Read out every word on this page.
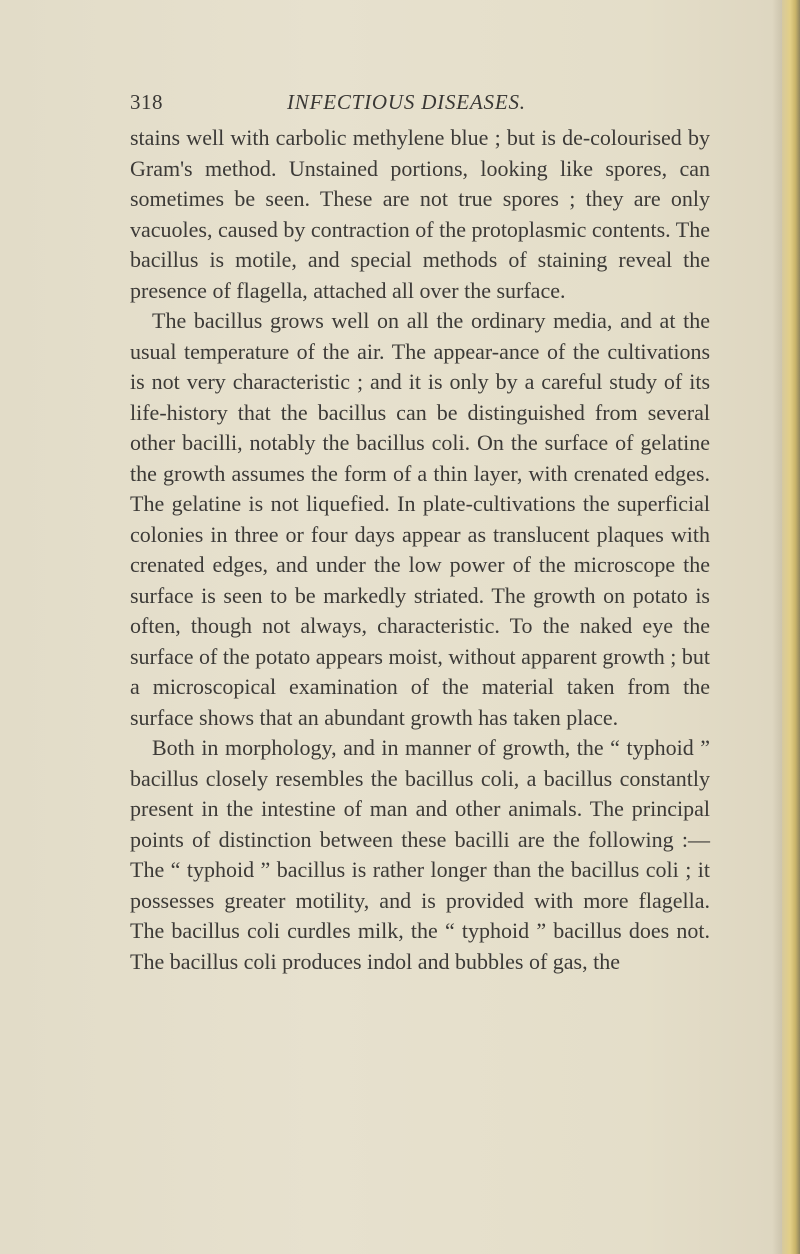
318	INFECTIOUS DISEASES.

stains well with carbolic methylene blue ; but is de-colourised by Gram's method. Unstained portions, looking like spores, can sometimes be seen. These are not true spores ; they are only vacuoles, caused by contraction of the protoplasmic contents. The bacillus is motile, and special methods of staining reveal the presence of flagella, attached all over the surface.

The bacillus grows well on all the ordinary media, and at the usual temperature of the air. The appear-ance of the cultivations is not very characteristic ; and it is only by a careful study of its life-history that the bacillus can be distinguished from several other bacilli, notably the bacillus coli. On the surface of gelatine the growth assumes the form of a thin layer, with crenated edges. The gelatine is not liquefied. In plate-cultivations the superficial colonies in three or four days appear as translucent plaques with crenated edges, and under the low power of the microscope the surface is seen to be markedly striated. The growth on potato is often, though not always, characteristic. To the naked eye the surface of the potato appears moist, without apparent growth ; but a microscopical examination of the material taken from the surface shows that an abundant growth has taken place.

Both in morphology, and in manner of growth, the “ typhoid ” bacillus closely resembles the bacillus coli, a bacillus constantly present in the intestine of man and other animals. The principal points of distinction between these bacilli are the following :—The “ typhoid ” bacillus is rather longer than the bacillus coli ; it possesses greater motility, and is provided with more flagella. The bacillus coli curdles milk, the “ typhoid ” bacillus does not. The bacillus coli produces indol and bubbles of gas, the
